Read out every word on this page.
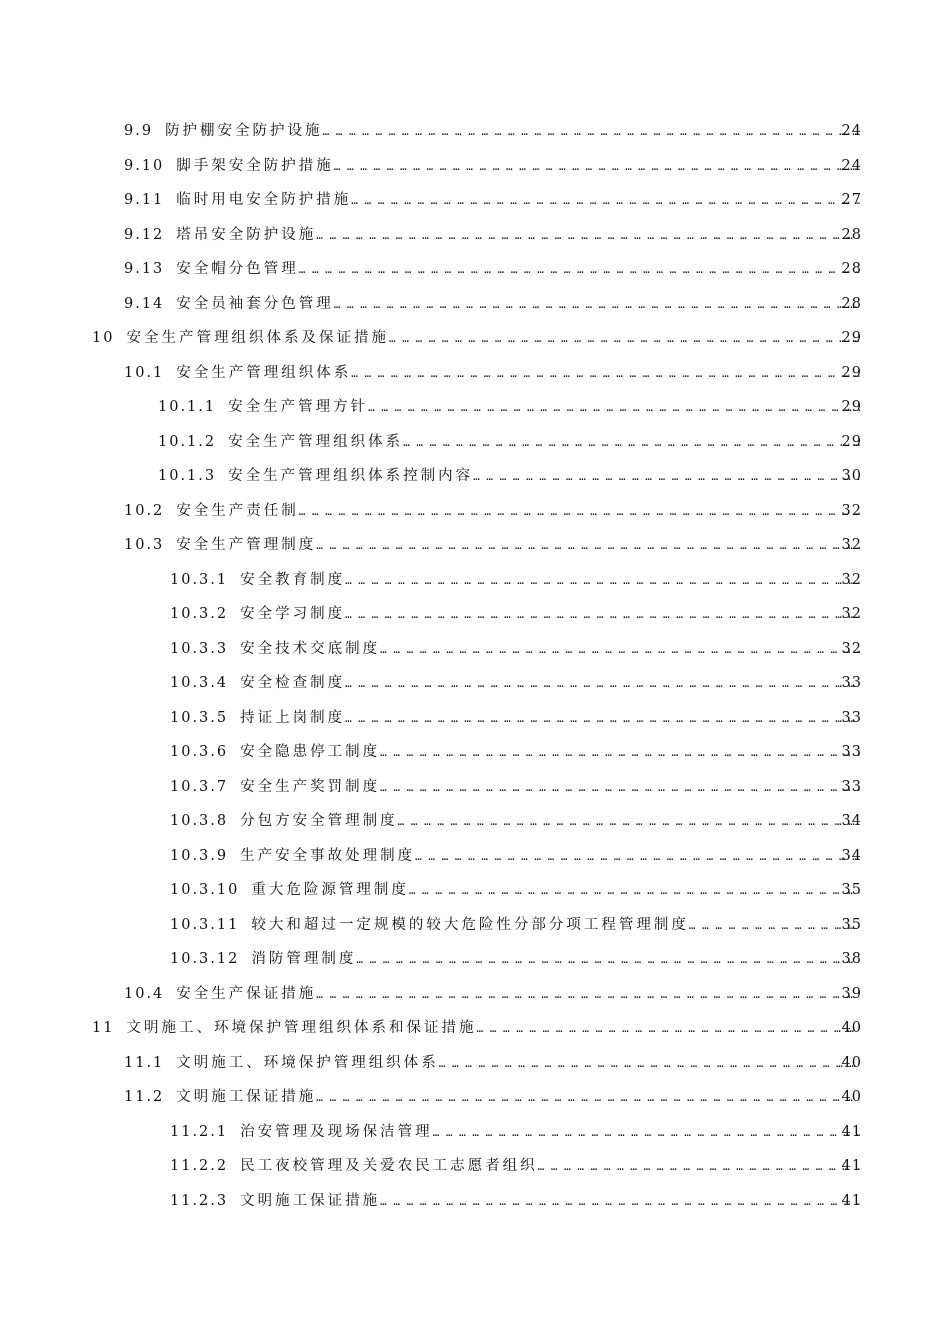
9.9 防护棚安全防护设施 … … … … … … … … … … … … … … … … … … … … … … … … … … … … … … … … … … … … … … … … … … … … … … … … … … … … … … … … … … … … …	24
9.10 脚手架安全防护措施 … … … … … … … … … … … … … … … … … … … … … … … … … … … … … … … … … … … … … … … … … … … … … … … … … … … … … … … … … … … … …	24
9.11 临时用电安全防护措施 … … … … … … … … … … … … … … … … … … … … … … … … … … … … … … … … … … … … … … … … … … … … … … … … … … … … … … … … … … … … …	27
9.12 塔吊安全防护设施 … … … … … … … … … … … … … … … … … … … … … … … … … … … … … … … … … … … … … … … … … … … … … … … … … … … … … … … … … … … … …	28
9.13 安全帽分色管理 … … … … … … … … … … … … … … … … … … … … … … … … … … … … … … … … … … … … … … … … … … … … … … … … … … … … … … … … … … … … …	28
9.14 安全员袖套分色管理 … … … … … … … … … … … … … … … … … … … … … … … … … … … … … … … … … … … … … … … … … … … … … … … … … … … … … … … … … … … … …	28
10 安全生产管理组织体系及保证措施 … … … … … … … … … … … … … … … … … … … … … … … … … … … … … … … … … … … … … … … … … … … … … … … … … … … … … … … … … … … … …	29
10.1 安全生产管理组织体系 … … … … … … … … … … … … … … … … … … … … … … … … … … … … … … … … … … … … … … … … … … … … … … … … … … … … … … … … … … … … …	29
10.1.1 安全生产管理方针 … … … … … … … … … … … … … … … … … … … … … … … … … … … … … … … … … … … … … … … … … … … … … … … … … … … … … … … … … … … … …	29
10.1.2 安全生产管理组织体系 … … … … … … … … … … … … … … … … … … … … … … … … … … … … … … … … … … … … … … … … … … … … … … … … … … … … … … … … … … … … …	29
10.1.3 安全生产管理组织体系控制内容 … … … … … … … … … … … … … … … … … … … … … … … … … … … … … … … … … … … … … … … … … … … … … … … … … … … … … … … … … … … … …	30
10.2 安全生产责任制 … … … … … … … … … … … … … … … … … … … … … … … … … … … … … … … … … … … … … … … … … … … … … … … … … … … … … … … … … … … … …	32
10.3 安全生产管理制度 … … … … … … … … … … … … … … … … … … … … … … … … … … … … … … … … … … … … … … … … … … … … … … … … … … … … … … … … … … … … …	32
10.3.1 安全教育制度 … … … … … … … … … … … … … … … … … … … … … … … … … … … … … … … … … … … … … … … … … … … … … … … … … … … … … … … … … … … … …	32
10.3.2 安全学习制度 … … … … … … … … … … … … … … … … … … … … … … … … … … … … … … … … … … … … … … … … … … … … … … … … … … … … … … … … … … … … …	32
10.3.3 安全技术交底制度 … … … … … … … … … … … … … … … … … … … … … … … … … … … … … … … … … … … … … … … … … … … … … … … … … … … … … … … … … … … … …	32
10.3.4 安全检查制度 … … … … … … … … … … … … … … … … … … … … … … … … … … … … … … … … … … … … … … … … … … … … … … … … … … … … … … … … … … … … …	33
10.3.5 持证上岗制度 … … … … … … … … … … … … … … … … … … … … … … … … … … … … … … … … … … … … … … … … … … … … … … … … … … … … … … … … … … … … …	33
10.3.6 安全隐患停工制度 … … … … … … … … … … … … … … … … … … … … … … … … … … … … … … … … … … … … … … … … … … … … … … … … … … … … … … … … … … … … …	33
10.3.7 安全生产奖罚制度 … … … … … … … … … … … … … … … … … … … … … … … … … … … … … … … … … … … … … … … … … … … … … … … … … … … … … … … … … … … … …	33
10.3.8 分包方安全管理制度 … … … … … … … … … … … … … … … … … … … … … … … … … … … … … … … … … … … … … … … … … … … … … … … … … … … … … … … … … … … … …	34
10.3.9 生产安全事故处理制度 … … … … … … … … … … … … … … … … … … … … … … … … … … … … … … … … … … … … … … … … … … … … … … … … … … … … … … … … … … … … …	34
10.3.10 重大危险源管理制度 … … … … … … … … … … … … … … … … … … … … … … … … … … … … … … … … … … … … … … … … … … … … … … … … … … … … … … … … … … … … …	35
10.3.11 较大和超过一定规模的较大危险性分部分项工程管理制度 … … … … … … … … … … … … … … … … … … … … … … … … … … … … … … … … … … … … … … … … … … … … … … … … … … … … … … … … … … … … …	35
10.3.12 消防管理制度 … … … … … … … … … … … … … … … … … … … … … … … … … … … … … … … … … … … … … … … … … … … … … … … … … … … … … … … … … … … … …	38
10.4 安全生产保证措施 … … … … … … … … … … … … … … … … … … … … … … … … … … … … … … … … … … … … … … … … … … … … … … … … … … … … … … … … … … … … …	39
11 文明施工、环境保护管理组织体系和保证措施 … … … … … … … … … … … … … … … … … … … … … … … … … … … … … … … … … … … … … … … … … … … … … … … … … … … … … … … … … … … … …	40
11.1 文明施工、环境保护管理组织体系 … … … … … … … … … … … … … … … … … … … … … … … … … … … … … … … … … … … … … … … … … … … … … … … … … … … … … … … … … … … … …	40
11.2 文明施工保证措施 … … … … … … … … … … … … … … … … … … … … … … … … … … … … … … … … … … … … … … … … … … … … … … … … … … … … … … … … … … … … …	40
11.2.1 治安管理及现场保洁管理 … … … … … … … … … … … … … … … … … … … … … … … … … … … … … … … … … … … … … … … … … … … … … … … … … … … … … … … … … … … … …	41
11.2.2 民工夜校管理及关爱农民工志愿者组织 … … … … … … … … … … … … … … … … … … … … … … … … … … … … … … … … … … … … … … … … … … … … … … … … … … … … … … … … … … … … …	41
11.2.3 文明施工保证措施 … … … … … … … … … … … … … … … … … … … … … … … … … … … … … … … … … … … … … … … … … … … … … … … … … … … … … … … … … … … … …	41
